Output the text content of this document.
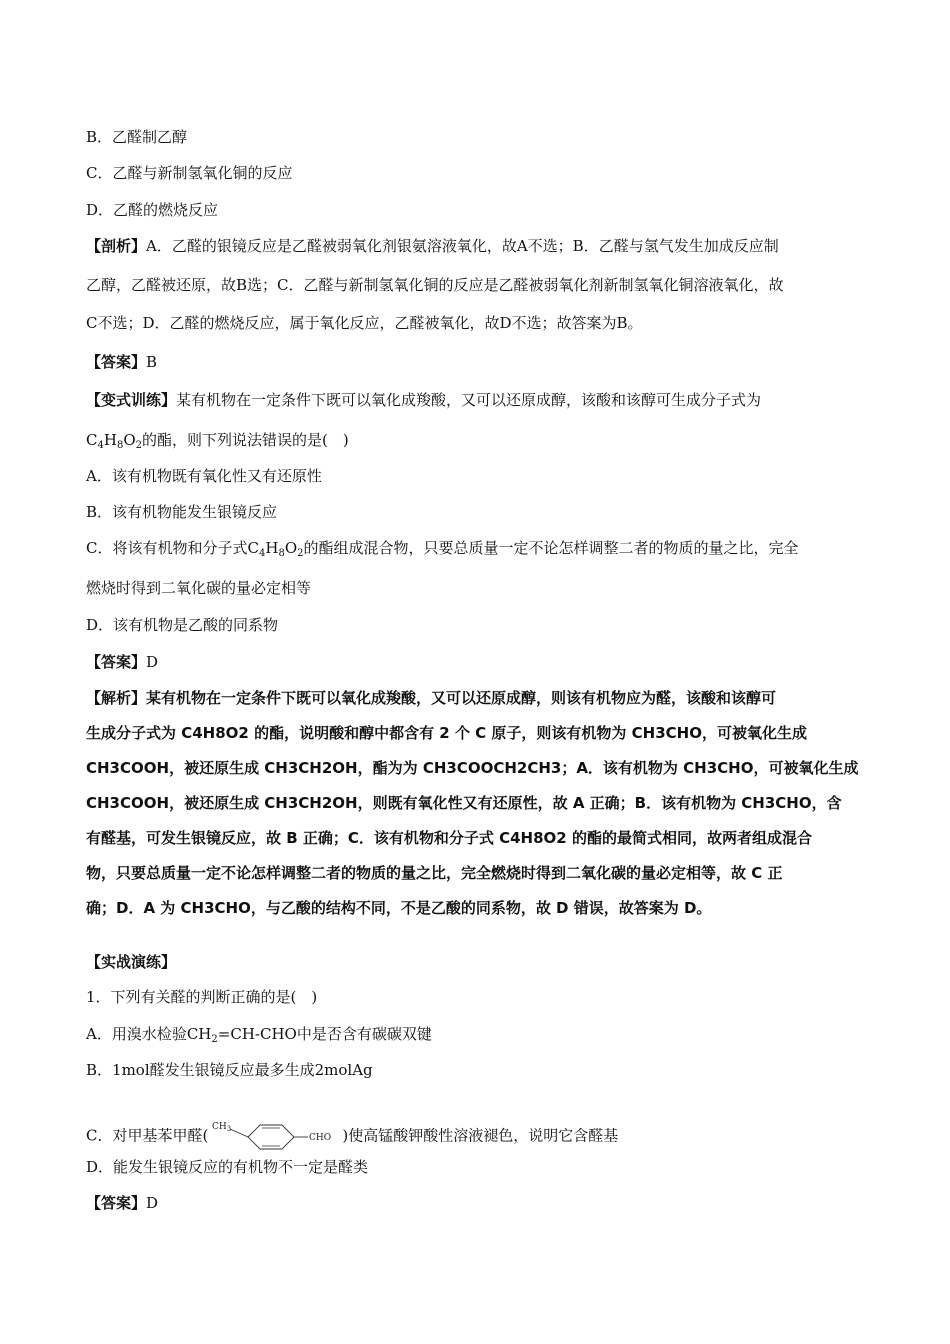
B．乙醛制乙醇
C．乙醛与新制氢氧化铜的反应
D．乙醛的燃烧反应
【剖析】A．乙醛的银镜反应是乙醛被弱氧化剂银氨溶液氧化，故A不选；B．乙醛与氢气发生加成反应制
乙醇，乙醛被还原，故B选；C．乙醛与新制氢氧化铜的反应是乙醛被弱氧化剂新制氢氧化铜溶液氧化，故
C不选；D．乙醛的燃烧反应，属于氧化反应，乙醛被氧化，故D不选；故答案为B。
【答案】B
【变式训练】某有机物在一定条件下既可以氧化成羧酸，又可以还原成醇，该酸和该醇可生成分子式为
$C_4H_8O_2$的酯，则下列说法错误的是(　)
A．该有机物既有氧化性又有还原性
B．该有机物能发生银镜反应
C．将该有机物和分子式$C_4H_8O_2$的酯组成混合物，只要总质量一定不论怎样调整二者的物质的量之比，完全
燃烧时得到二氧化碳的量必定相等
D．该有机物是乙酸的同系物
【答案】D
【解析】某有机物在一定条件下既可以氧化成羧酸，又可以还原成醇，则该有机物应为醛，该酸和该醇可
生成分子式为 C4H8O2 的酯，说明酸和醇中都含有 2 个 C 原子，则该有机物为 CH3CHO，可被氧化生成
CH3COOH，被还原生成 CH3CH2OH，酯为为 CH3COOCH2CH3；A．该有机物为 CH3CHO，可被氧化生成
CH3COOH，被还原生成 CH3CH2OH，则既有氧化性又有还原性，故 A 正确；B．该有机物为 CH3CHO，含
有醛基，可发生银镜反应，故 B 正确；C．该有机物和分子式 C4H8O2 的酯的最简式相同，故两者组成混合
物，只要总质量一定不论怎样调整二者的物质的量之比，完全燃烧时得到二氧化碳的量必定相等，故 C 正
确；D．A 为 CH3CHO，与乙酸的结构不同，不是乙酸的同系物，故 D 错误，故答案为 D。
【实战演练】
1．下列有关醛的判断正确的是(　)
A．用溴水检验$CH_2=CH$-CHO中是否含有碳碳双键
B．1mol醛发生银镜反应最多生成2molAg
C．对甲基苯甲醛( $CH_3$
CHO )使高锰酸钾酸性溶液褪色，说明它含醛基
D．能发生银镜反应的有机物不一定是醛类
【答案】D
